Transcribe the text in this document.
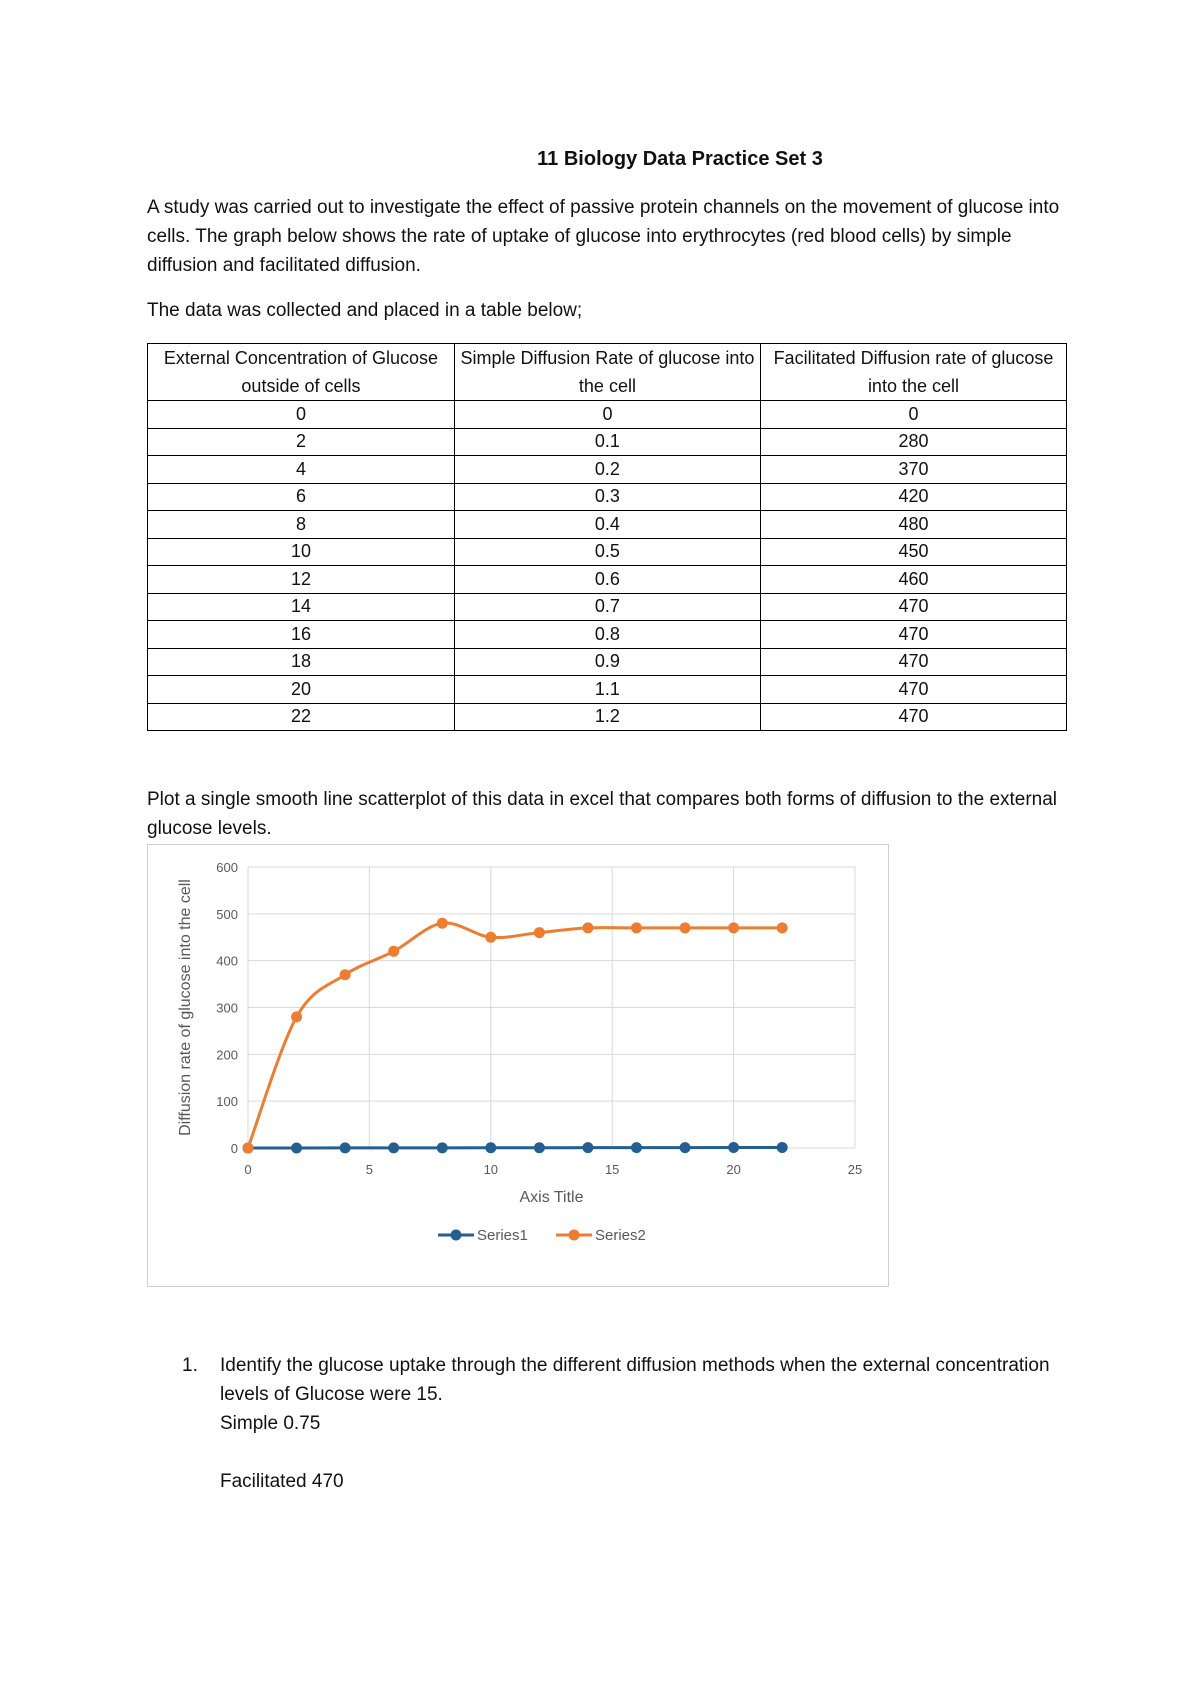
11 Biology Data Practice Set 3

A study was carried out to investigate the effect of passive protein channels on the movement of glucose into cells. The graph below shows the rate of uptake of glucose into erythrocytes (red blood cells) by simple diffusion and facilitated diffusion.

The data was collected and placed in a table below;

External Concentration of Glucose outside of cells	Simple Diffusion Rate of glucose into the cell	Facilitated Diffusion rate of glucose into the cell
0	0	0
2	0.1	280
4	0.2	370
6	0.3	420
8	0.4	480
10	0.5	450
12	0.6	460
14	0.7	470
16	0.8	470
18	0.9	470
20	1.1	470
22	1.2	470

Plot a single smooth line scatterplot of this data in excel that compares both forms of diffusion to the external glucose levels.

0
100
200
300
400
500
600
0	5	10	15	20	25
Axis Title
Diffusion rate of glucose into the cell
Series1	Series2
1. Identify the glucose uptake through the different diffusion methods when the external concentration levels of Glucose were 15.
Simple 0.75
Facilitated 470
